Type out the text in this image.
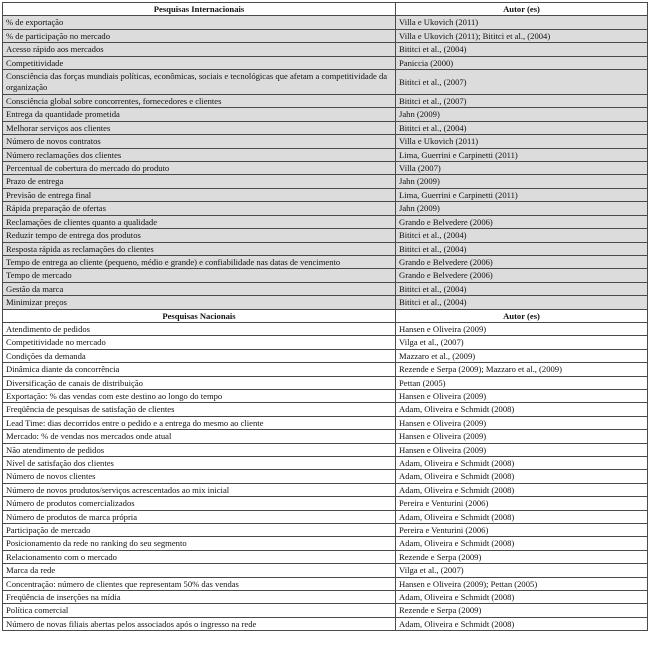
Pesquisas Internacionais	Autor (es)
% de exportação	Villa e Ukovich (2011)
% de participação no mercado	Villa e Ukovich (2011); Bititci et al., (2004)
Acesso rápido aos mercados	Bititci et al., (2004)
Competitividade	Paniccia (2000)
Consciência das forças mundiais políticas, econômicas, sociais e tecnológicas que afetam a competitividade da organização	Bititci et al., (2007)
Consciência global sobre concorrentes, fornecedores e clientes	Bititci et al., (2007)
Entrega da quantidade prometida	Jahn (2009)
Melhorar serviços aos clientes	Bititci et al., (2004)
Número de novos contratos	Villa e Ukovich (2011)
Número reclamações dos clientes	Lima, Guerrini e Carpinetti (2011)
Percentual de cobertura do mercado do produto	Villa (2007)
Prazo de entrega	Jahn (2009)
Previsão de entrega final	Lima, Guerrini e Carpinetti (2011)
Rápida preparação de ofertas	Jahn (2009)
Reclamações de clientes quanto a qualidade	Grando e Belvedere (2006)
Reduzir tempo de entrega dos produtos	Bititci et al., (2004)
Resposta rápida as reclamações do clientes	Bititci et al., (2004)
Tempo de entrega ao cliente (pequeno, médio e grande) e confiabilidade nas datas de vencimento	Grando e Belvedere (2006)
Tempo de mercado	Grando e Belvedere (2006)
Gestão da marca	Bititci et al., (2004)
Minimizar preços	Bititci et al., (2004)
Pesquisas Nacionais	Autor (es)
Atendimento de pedidos	Hansen e Oliveira (2009)
Competitividade no mercado	Vilga et al., (2007)
Condições da demanda	Mazzaro et al., (2009)
Dinâmica diante da concorrência	Rezende e Serpa (2009); Mazzaro et al., (2009)
Diversificação de canais de distribuição	Pettan (2005)
Exportação: % das vendas com este destino ao longo do tempo	Hansen e Oliveira (2009)
Freqüência de pesquisas de satisfação de clientes	Adam, Oliveira e Schmidt (2008)
Lead Time: dias decorridos entre o pedido e a entrega do mesmo ao cliente	Hansen e Oliveira (2009)
Mercado: % de vendas nos mercados onde atual	Hansen e Oliveira (2009)
Não atendimento de pedidos	Hansen e Oliveira (2009)
Nível de satisfação dos clientes	Adam, Oliveira e Schmidt (2008)
Número de novos clientes	Adam, Oliveira e Schmidt (2008)
Número de novos produtos/serviços acrescentados ao mix inicial	Adam, Oliveira e Schmidt (2008)
Número de produtos comercializados	Pereira e Venturini (2006)
Número de produtos de marca própria	Adam, Oliveira e Schmidt (2008)
Participação de mercado	Pereira e Venturini (2006)
Posicionamento da rede no ranking do seu segmento	Adam, Oliveira e Schmidt (2008)
Relacionamento com o mercado	Rezende e Serpa (2009)
Marca da rede	Vilga et al., (2007)
Concentração: número de clientes que representam 50% das vendas	Hansen e Oliveira (2009); Pettan (2005)
Freqüência de inserções na mídia	Adam, Oliveira e Schmidt (2008)
Política comercial	Rezende e Serpa (2009)
Número de novas filiais abertas pelos associados após o ingresso na rede	Adam, Oliveira e Schmidt (2008)
